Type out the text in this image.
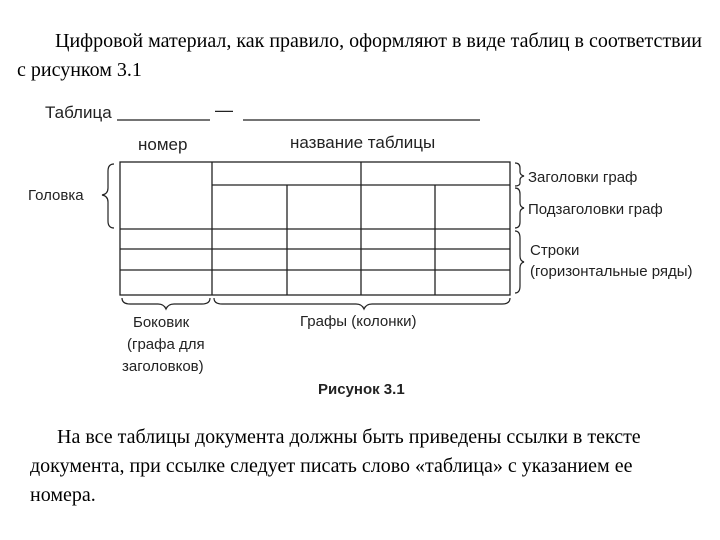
Цифровой материал, как правило, оформляют в виде таблиц в соответствии с рисунком 3.1

Таблица	—
номер	название таблицы
Головка
Заголовки граф
Подзаголовки граф
Строки
(горизонтальные ряды)
Боковик
(графа для
заголовков)
Графы (колонки)
Рисунок 3.1

На все таблицы документа должны быть приведены ссылки в тексте документа, при ссылке следует писать слово «таблица» с указанием ее номера.
